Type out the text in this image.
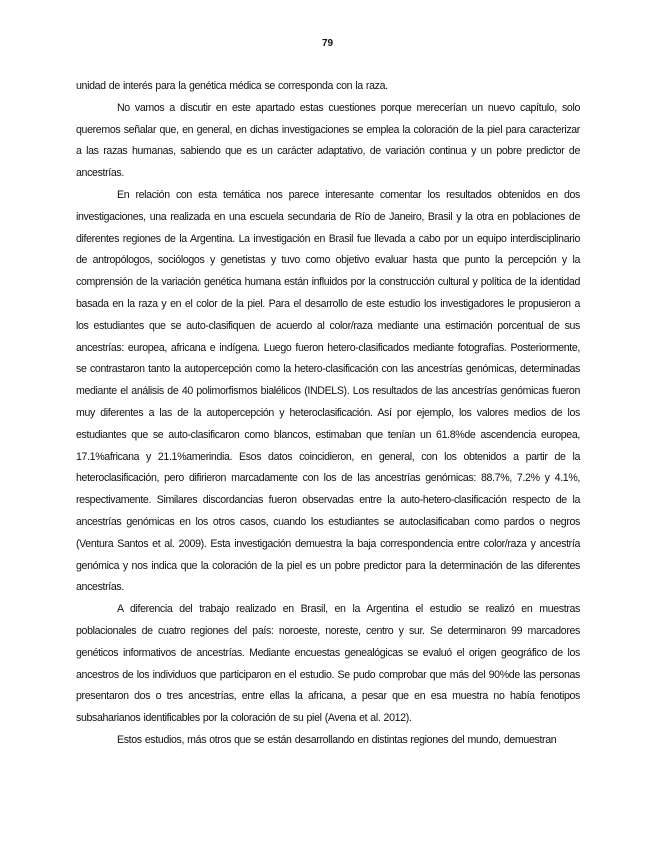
79

unidad de interés para la genética médica se corresponda con la raza.

No vamos a discutir en este apartado estas cuestiones porque merecerían un nuevo capítulo, solo queremos señalar que, en general, en dichas investigaciones se emplea la coloración de la piel para caracterizar a las razas humanas, sabiendo que es un carácter adaptativo, de variación continua y un pobre predictor de ancestrías.

En relación con esta temática nos parece interesante comentar los resultados obtenidos en dos investigaciones, una realizada en una escuela secundaria de Río de Janeiro, Brasil y la otra en poblaciones de diferentes regiones de la Argentina. La investigación en Brasil fue llevada a cabo por un equipo interdisciplinario de antropólogos, sociólogos y genetistas y tuvo como objetivo evaluar hasta que punto la percepción y la comprensión de la variación genética humana están influidos por la construcción cultural y política de la identidad basada en la raza y en el color de la piel. Para el desarrollo de este estudio los investigadores le propusieron a los estudiantes que se auto-clasifiquen de acuerdo al color/raza mediante una estimación porcentual de sus ancestrías: europea, africana e indígena. Luego fueron hetero-clasificados mediante fotografías. Posteriormente, se contrastaron tanto la autopercepción como la hetero-clasificación con las ancestrías genómicas, determinadas mediante el análisis de 40 polimorfismos bialélicos (INDELS). Los resultados de las ancestrías genómicas fueron muy diferentes a las de la autopercepción y heteroclasificación. Así por ejemplo, los valores medios de los estudiantes que se auto-clasificaron como blancos, estimaban que tenían un 61.8%de ascendencia europea, 17.1%africana y 21.1%amerindia. Esos datos coincidieron, en general, con los obtenidos a partir de la heteroclasificación, pero difirieron marcadamente con los de las ancestrías genómicas: 88.7%, 7.2% y 4.1%, respectivamente. Similares discordancias fueron observadas entre la auto-hetero-clasificación respecto de la ancestrías genómicas en los otros casos, cuando los estudiantes se autoclasificaban como pardos o negros (Ventura Santos et al. 2009). Esta investigación demuestra la baja correspondencia entre color/raza y ancestría genómica y nos indica que la coloración de la piel es un pobre predictor para la determinación de las diferentes ancestrías.

A diferencia del trabajo realizado en Brasil, en la Argentina el estudio se realizó en muestras poblacionales de cuatro regiones del país: noroeste, noreste, centro y sur. Se determinaron 99 marcadores genéticos informativos de ancestrías. Mediante encuestas genealógicas se evaluó el origen geográfico de los ancestros de los individuos que participaron en el estudio. Se pudo comprobar que más del 90%de las personas presentaron dos o tres ancestrías, entre ellas la africana, a pesar que en esa muestra no había fenotipos subsaharianos identificables por la coloración de su piel (Avena et al. 2012).

Estos estudios, más otros que se están desarrollando en distintas regiones del mundo, demuestran
